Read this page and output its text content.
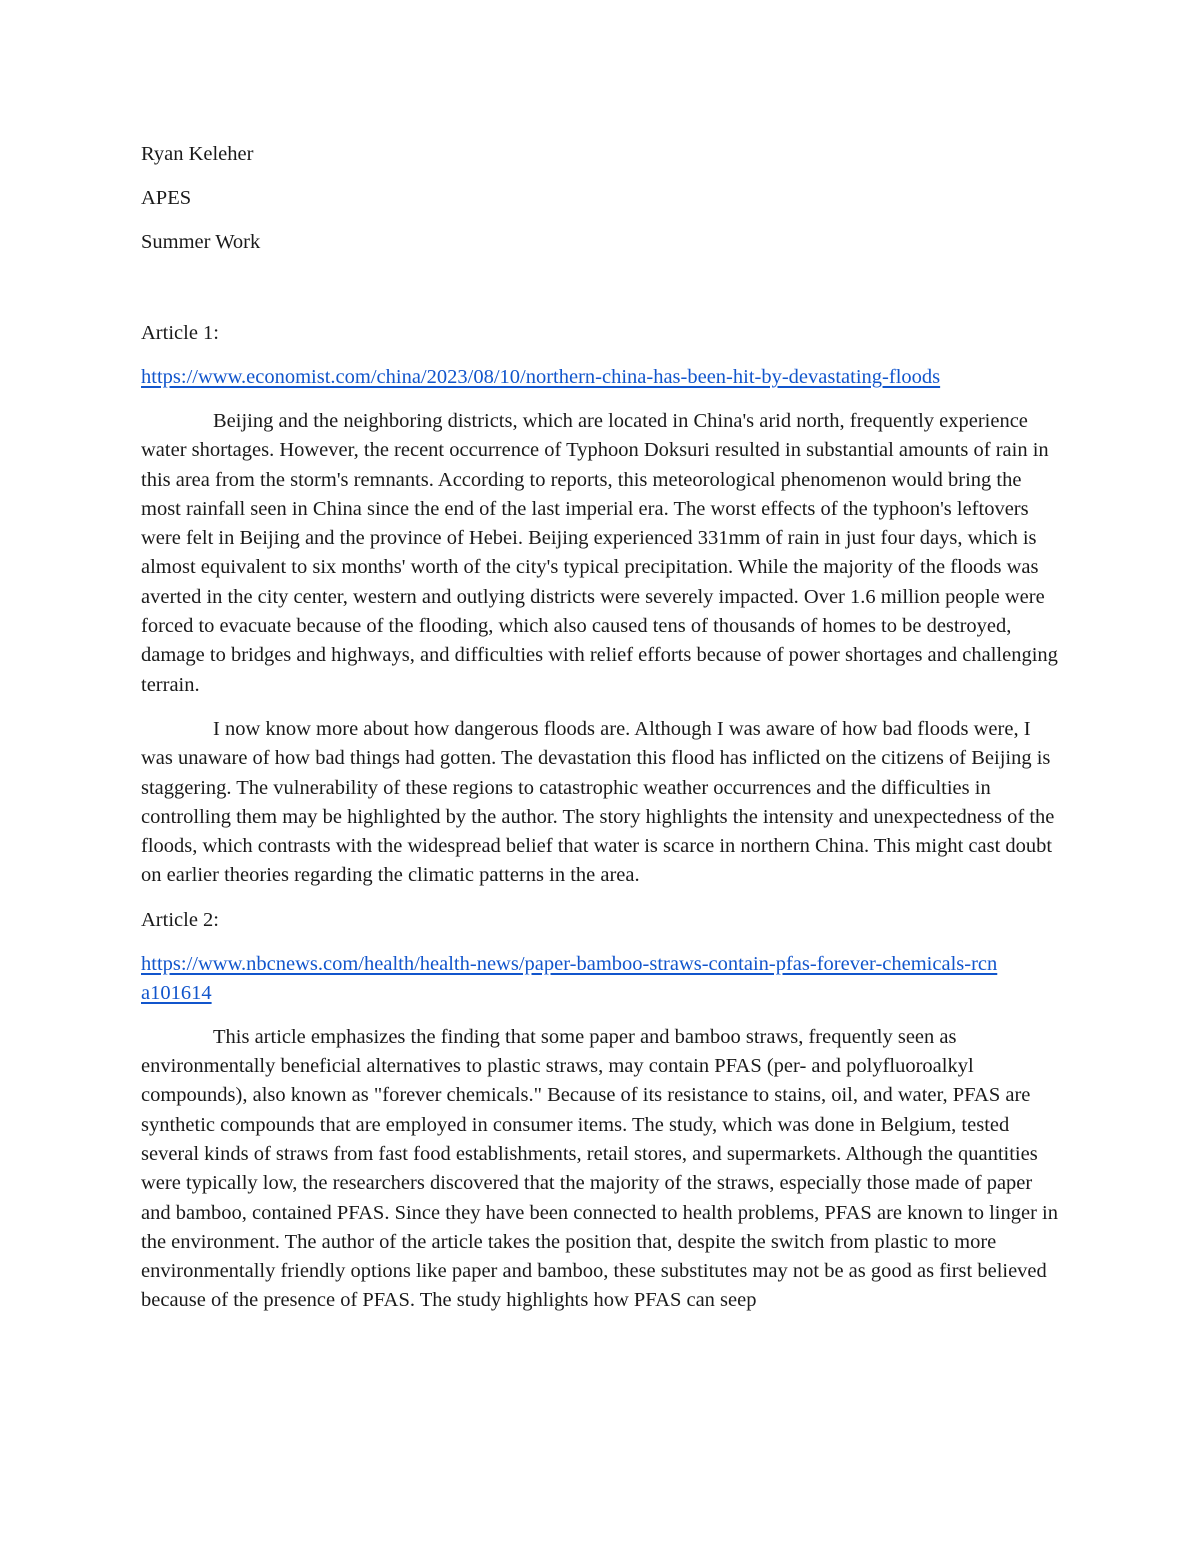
Ryan Keleher

APES

Summer Work

Article 1:

https://www.economist.com/china/2023/08/10/northern-china-has-been-hit-by-devastating-floods

Beijing and the neighboring districts, which are located in China's arid north, frequently experience water shortages. However, the recent occurrence of Typhoon Doksuri resulted in substantial amounts of rain in this area from the storm's remnants. According to reports, this meteorological phenomenon would bring the most rainfall seen in China since the end of the last imperial era. The worst effects of the typhoon's leftovers were felt in Beijing and the province of Hebei. Beijing experienced 331mm of rain in just four days, which is almost equivalent to six months' worth of the city's typical precipitation. While the majority of the floods was averted in the city center, western and outlying districts were severely impacted. Over 1.6 million people were forced to evacuate because of the flooding, which also caused tens of thousands of homes to be destroyed, damage to bridges and highways, and difficulties with relief efforts because of power shortages and challenging terrain.

I now know more about how dangerous floods are. Although I was aware of how bad floods were, I was unaware of how bad things had gotten. The devastation this flood has inflicted on the citizens of Beijing is staggering. The vulnerability of these regions to catastrophic weather occurrences and the difficulties in controlling them may be highlighted by the author. The story highlights the intensity and unexpectedness of the floods, which contrasts with the widespread belief that water is scarce in northern China. This might cast doubt on earlier theories regarding the climatic patterns in the area.

Article 2:

https://www.nbcnews.com/health/health-news/paper-bamboo-straws-contain-pfas-forever-chemicals-rcna101614

This article emphasizes the finding that some paper and bamboo straws, frequently seen as environmentally beneficial alternatives to plastic straws, may contain PFAS (per- and polyfluoroalkyl compounds), also known as "forever chemicals." Because of its resistance to stains, oil, and water, PFAS are synthetic compounds that are employed in consumer items. The study, which was done in Belgium, tested several kinds of straws from fast food establishments, retail stores, and supermarkets. Although the quantities were typically low, the researchers discovered that the majority of the straws, especially those made of paper and bamboo, contained PFAS. Since they have been connected to health problems, PFAS are known to linger in the environment. The author of the article takes the position that, despite the switch from plastic to more environmentally friendly options like paper and bamboo, these substitutes may not be as good as first believed because of the presence of PFAS. The study highlights how PFAS can seep
